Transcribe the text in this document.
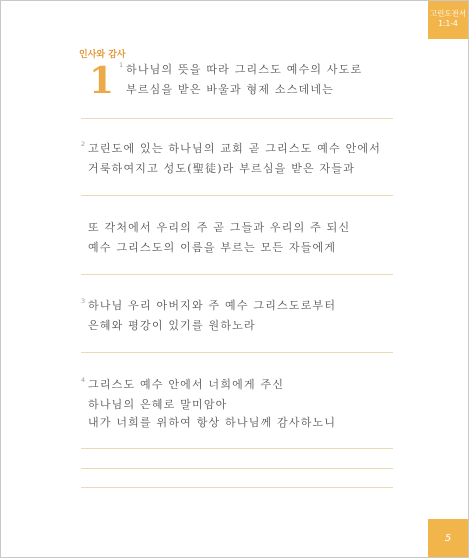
고린도전서
1:1-4
인사와 감사
1 1 하나님의 뜻을 따라 그리스도 예수의 사도로
부르심을 받은 바울과 형제 소스데네는
2 고린도에 있는 하나님의 교회 곧 그리스도 예수 안에서
거룩하여지고 성도(聖徒)라 부르심을 받은 자들과
또 각처에서 우리의 주 곧 그들과 우리의 주 되신
예수 그리스도의 이름을 부르는 모든 자들에게
3 하나님 우리 아버지와 주 예수 그리스도로부터
은혜와 평강이 있기를 원하노라
4 그리스도 예수 안에서 너희에게 주신
하나님의 은혜로 말미암아
내가 너희를 위하여 항상 하나님께 감사하노니
5
